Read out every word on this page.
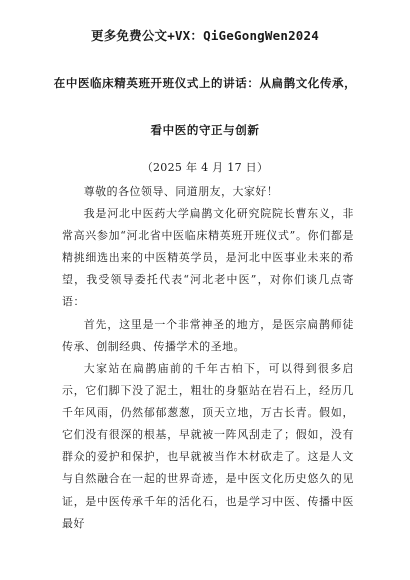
更多免费公文+VX：QiGeGongWen2024
在中医临床精英班开班仪式上的讲话：从扁鹊文化传承，
看中医的守正与创新
（2025 年 4 月 17 日）

尊敬的各位领导、同道朋友，大家好！

我是河北中医药大学扁鹊文化研究院院长曹东义，非常高兴参加“河北省中医临床精英班开班仪式”。你们都是精挑细选出来的中医精英学员，是河北中医事业未来的希望，我受领导委托代表“河北老中医”，对你们谈几点寄语：

首先，这里是一个非常神圣的地方，是医宗扁鹊师徒传承、创制经典、传播学术的圣地。

大家站在扁鹊庙前的千年古柏下，可以得到很多启示，它们脚下没了泥土，粗壮的身躯站在岩石上，经历几千年风雨，仍然郁郁葱葱，顶天立地，万古长青。假如，它们没有很深的根基，早就被一阵风刮走了；假如，没有群众的爱护和保护，也早就被当作木材砍走了。这是人文与自然融合在一起的世界奇迹，是中医文化历史悠久的见证，是中医传承千年的活化石，也是学习中医、传播中医最好
